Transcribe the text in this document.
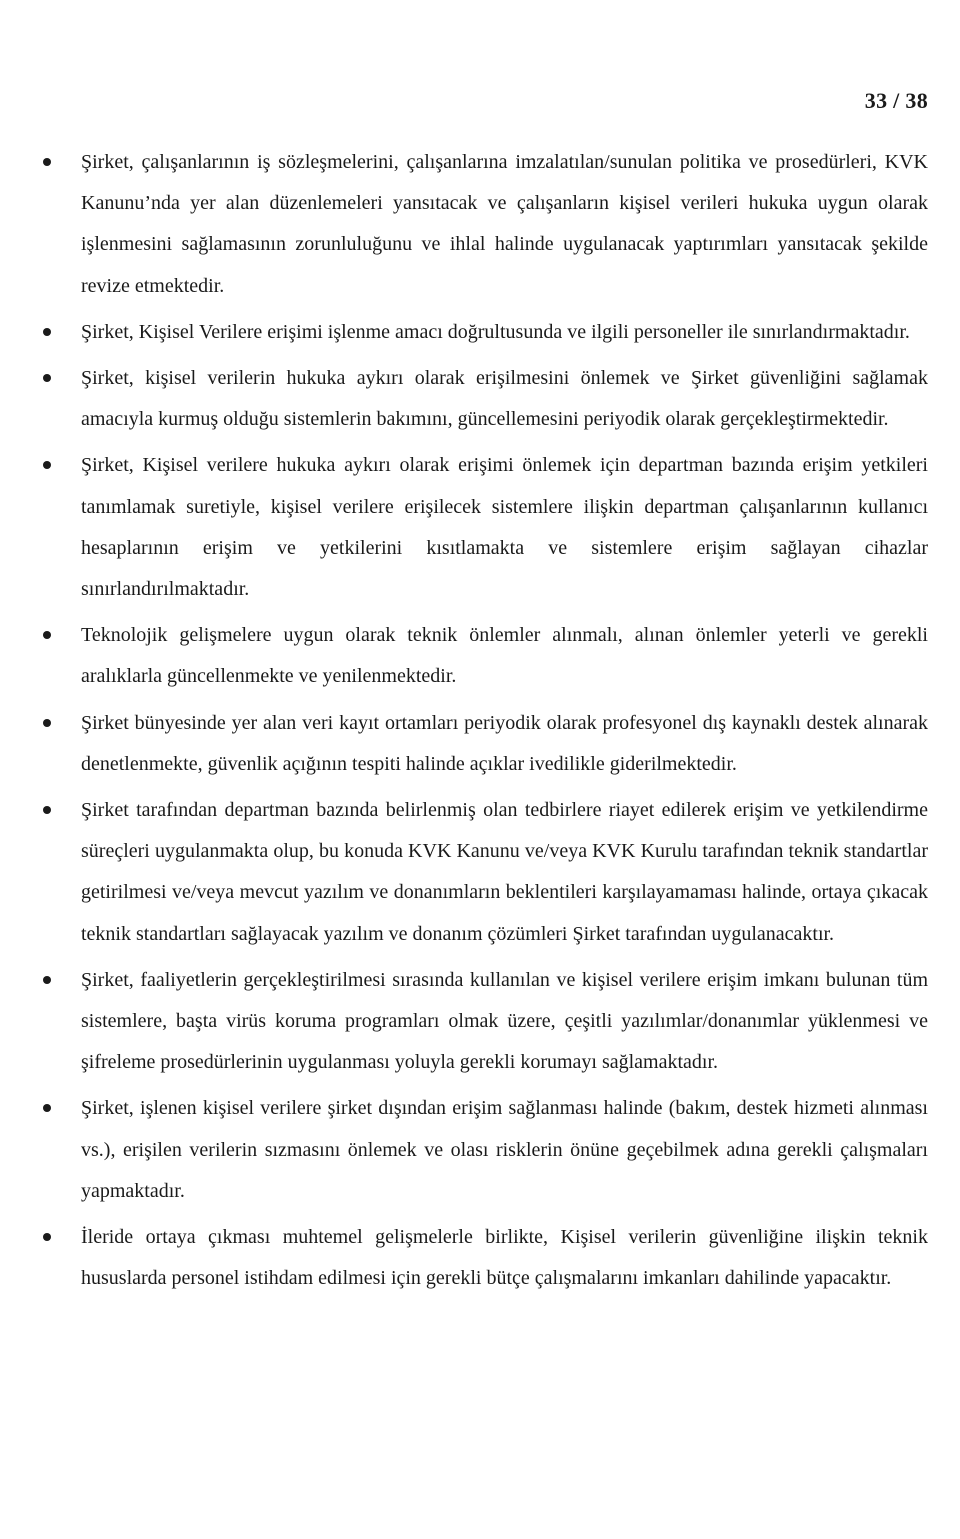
33 / 38
Şirket, çalışanlarının iş sözleşmelerini, çalışanlarına imzalatılan/sunulan politika ve prosedürleri, KVK Kanunu’nda yer alan düzenlemeleri yansıtacak ve çalışanların kişisel verileri hukuka uygun olarak işlenmesini sağlamasının zorunluluğunu ve ihlal halinde uygulanacak yaptırımları yansıtacak şekilde revize etmektedir.
Şirket, Kişisel Verilere erişimi işlenme amacı doğrultusunda ve ilgili personeller ile sınırlandırmaktadır.
Şirket, kişisel verilerin hukuka aykırı olarak erişilmesini önlemek ve Şirket güvenliğini sağlamak amacıyla kurmuş olduğu sistemlerin bakımını, güncellemesini periyodik olarak gerçekleştirmektedir.
Şirket, Kişisel verilere hukuka aykırı olarak erişimi önlemek için departman bazında erişim yetkileri tanımlamak suretiyle, kişisel verilere erişilecek sistemlere ilişkin departman çalışanlarının kullanıcı hesaplarının erişim ve yetkilerini kısıtlamakta ve sistemlere erişim sağlayan cihazlar sınırlandırılmaktadır.
Teknolojik gelişmelere uygun olarak teknik önlemler alınmalı, alınan önlemler yeterli ve gerekli aralıklarla güncellenmekte ve yenilenmektedir.
Şirket bünyesinde yer alan veri kayıt ortamları periyodik olarak profesyonel dış kaynaklı destek alınarak denetlenmekte, güvenlik açığının tespiti halinde açıklar ivedilikle giderilmektedir.
Şirket tarafından departman bazında belirlenmiş olan tedbirlere riayet edilerek erişim ve yetkilendirme süreçleri uygulanmakta olup, bu konuda KVK Kanunu ve/veya KVK Kurulu tarafından teknik standartlar getirilmesi ve/veya mevcut yazılım ve donanımların beklentileri karşılayamaması halinde, ortaya çıkacak teknik standartları sağlayacak yazılım ve donanım çözümleri Şirket tarafından uygulanacaktır.
Şirket, faaliyetlerin gerçekleştirilmesi sırasında kullanılan ve kişisel verilere erişim imkanı bulunan tüm sistemlere, başta virüs koruma programları olmak üzere, çeşitli yazılımlar/donanımlar yüklenmesi ve şifreleme prosedürlerinin uygulanması yoluyla gerekli korumayı sağlamaktadır.
Şirket, işlenen kişisel verilere şirket dışından erişim sağlanması halinde (bakım, destek hizmeti alınması vs.), erişilen verilerin sızmasını önlemek ve olası risklerin önüne geçebilmek adına gerekli çalışmaları yapmaktadır.
İleride ortaya çıkması muhtemel gelişmelerle birlikte, Kişisel verilerin güvenliğine ilişkin teknik hususlarda personel istihdam edilmesi için gerekli bütçe çalışmalarını imkanları dahilinde yapacaktır.
